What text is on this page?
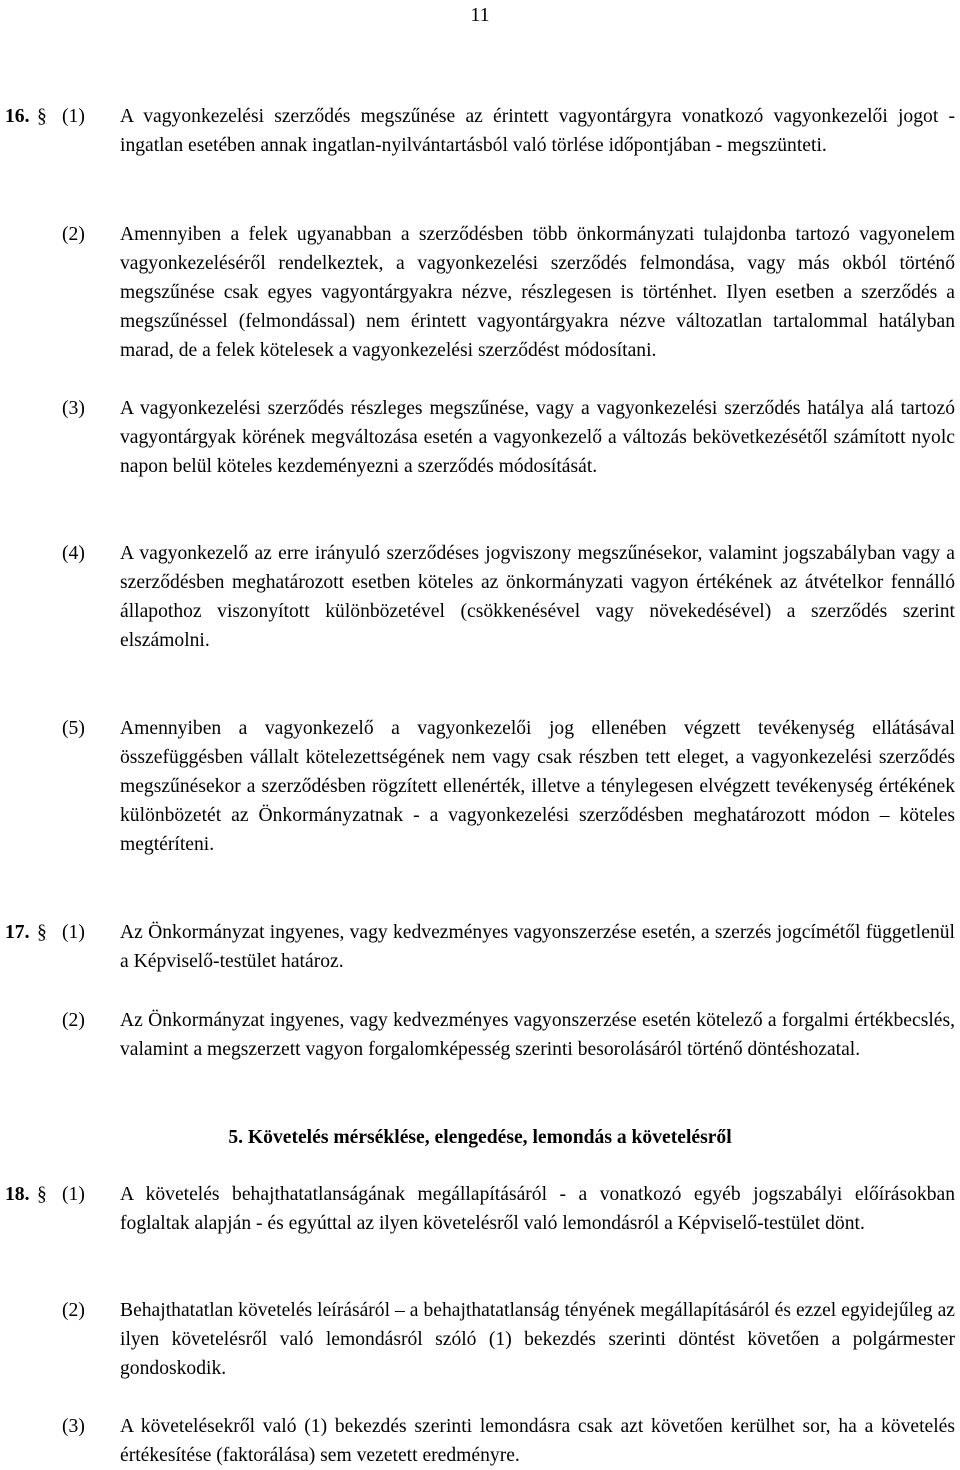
11
16. § (1) A vagyonkezelési szerződés megszűnése az érintett vagyontárgyra vonatkozó vagyonkezelői jogot - ingatlan esetében annak ingatlan-nyilvántartásból való törlése időpontjában - megszünteti.
(2) Amennyiben a felek ugyanabban a szerződésben több önkormányzati tulajdonba tartozó vagyonelem vagyonkezeléséről rendelkeztek, a vagyonkezelési szerződés felmondása, vagy más okból történő megszűnése csak egyes vagyontárgyakra nézve, részlegesen is történhet. Ilyen esetben a szerződés a megszűnéssel (felmondással) nem érintett vagyontárgyakra nézve változatlan tartalommal hatályban marad, de a felek kötelesek a vagyonkezelési szerződést módosítani.
(3) A vagyonkezelési szerződés részleges megszűnése, vagy a vagyonkezelési szerződés hatálya alá tartozó vagyontárgyak körének megváltozása esetén a vagyonkezelő a változás bekövetkezésétől számított nyolc napon belül köteles kezdeményezni a szerződés módosítását.
(4) A vagyonkezelő az erre irányuló szerződéses jogviszony megszűnésekor, valamint jogszabályban vagy a szerződésben meghatározott esetben köteles az önkormányzati vagyon értékének az átvételkor fennálló állapothoz viszonyított különbözetével (csökkenésével vagy növekedésével) a szerződés szerint elszámolni.
(5) Amennyiben a vagyonkezelő a vagyonkezelői jog ellenében végzett tevékenység ellátásával összefüggésben vállalt kötelezettségének nem vagy csak részben tett eleget, a vagyonkezelési szerződés megszűnésekor a szerződésben rögzített ellenérték, illetve a ténylegesen elvégzett tevékenység értékének különbözetét az Önkormányzatnak - a vagyonkezelési szerződésben meghatározott módon – köteles megtéríteni.
17. § (1) Az Önkormányzat ingyenes, vagy kedvezményes vagyonszerzése esetén, a szerzés jogcímétől függetlenül a Képviselő-testület határoz.
(2) Az Önkormányzat ingyenes, vagy kedvezményes vagyonszerzése esetén kötelező a forgalmi értékbecslés, valamint a megszerzett vagyon forgalomképesség szerinti besorolásáról történő döntéshozatal.
5. Követelés mérséklése, elengedése, lemondás a követelésről
18. § (1) A követelés behajthatatlanságának megállapításáról - a vonatkozó egyéb jogszabályi előírásokban foglaltak alapján - és egyúttal az ilyen követelésről való lemondásról a Képviselő-testület dönt.
(2) Behajthatatlan követelés leírásáról – a behajthatatlanság tényének megállapításáról és ezzel egyidejűleg az ilyen követelésről való lemondásról szóló (1) bekezdés szerinti döntést követően a polgármester gondoskodik.
(3) A követelésekről való (1) bekezdés szerinti lemondásra csak azt követően kerülhet sor, ha a követelés értékesítése (faktorálása) sem vezetett eredményre.
